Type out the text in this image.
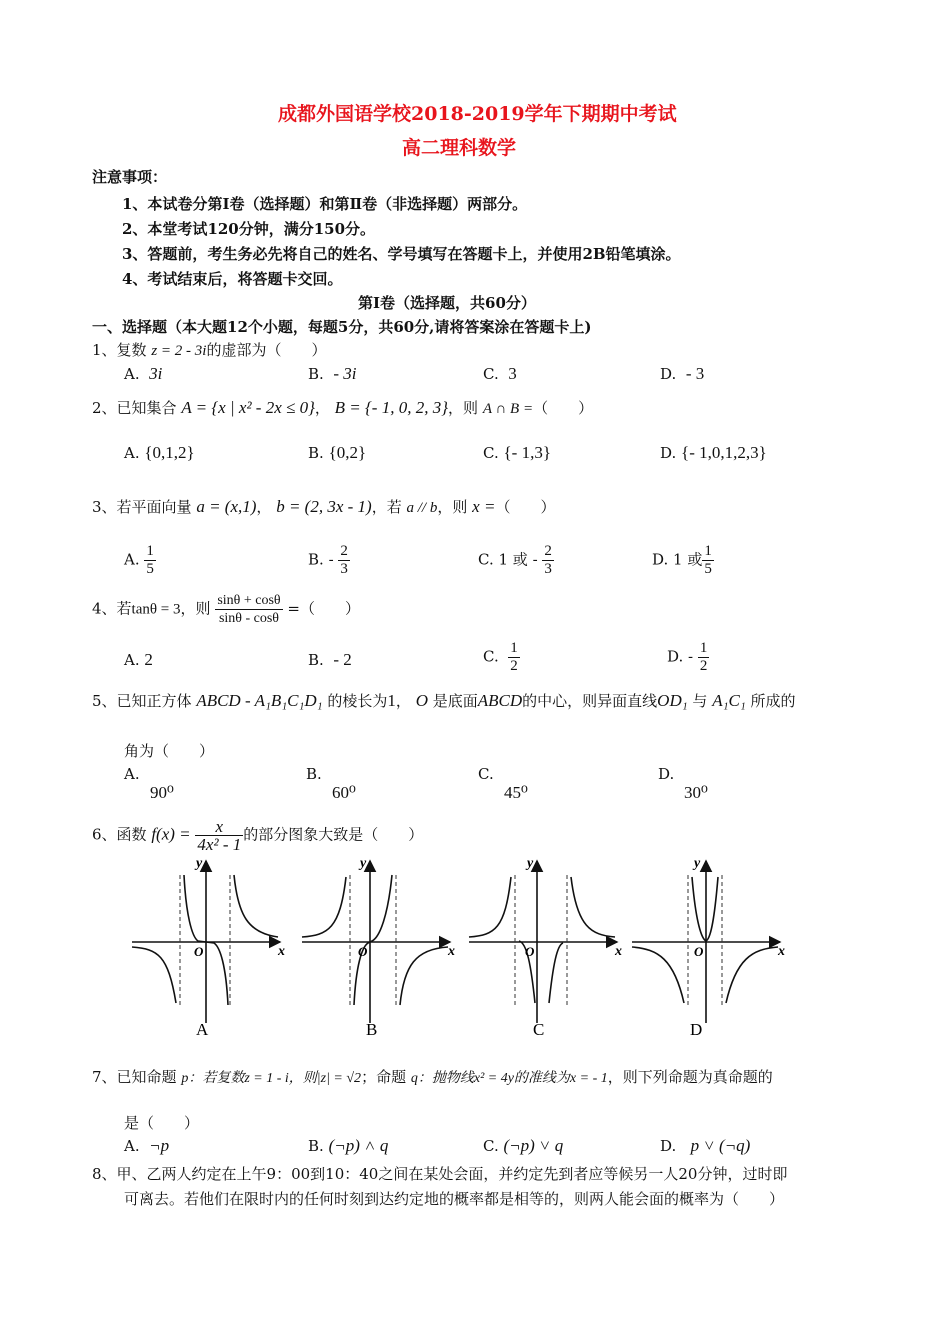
成都外国语学校2018-2019学年下期期中考试
高二理科数学
注意事项：
1、本试卷分第Ⅰ卷（选择题）和第Ⅱ卷（非选择题）两部分。
2、本堂考试120分钟，满分150分。
3、答题前，考生务必先将自己的姓名、学号填写在答题卡上，并使用2B铅笔填涂。
4、考试结束后，将答题卡交回。
第Ⅰ卷（选择题，共60分）
一、选择题（本大题12个小题，每题5分，共60分,请将答案涂在答题卡上)
1、复数 z = 2 - 3i的虚部为（　　）
A. 3i	B. - 3i	C. 3	D. - 3
2、已知集合 A = {x | x² - 2x ≤ 0}， B = {- 1, 0, 2, 3}，则 A ∩ B =（　　）
A. {0,1,2}	B. {0,2}	C. {- 1,3}	D. {- 1,0,1,2,3}
3、若平面向量 a = (x,1)， b = (2, 3x - 1)，若 a // b，则 x =（　　）
A. $\frac{1}{5}$	B. - $\frac{2}{3}$	C. 1 或 - $\frac{2}{3}$	D. 1 或 $\frac{1}{5}$
4、若tanθ = 3，则 $\frac{\sin\theta + \cos\theta}{\sin\theta - \cos\theta}$ =（　　）
A. 2	B. - 2	C. $\frac{1}{2}$	D. - $\frac{1}{2}$
5、已知正方体 ABCD - A₁B₁C₁D₁ 的棱长为1， O 是底面ABCD的中心，则异面直线OD₁ 与 A₁C₁ 所成的
角为（　　）
A.
90⁰
B.
60⁰
C.
45⁰
D.
30⁰
6、函数 $f(x) = \frac{x}{\text{4x² - 1}}$ 的部分图象大致是（　　）
x
y
O
A
x
y
O
B
x
y
O
C
x
y
O
D
7、已知命题 p：若复数z = 1 - i，则|z| = √2；命题 q：抛物线x² = 4y的准线为x = - 1，则下列命题为真命题的
是（　　）
A. ¬p	B. (¬p) ˄ q	C. (¬p) ˅ q	D. p ˅ (¬q)
8、甲、乙两人约定在上午9：00到10：40之间在某处会面，并约定先到者应等候另一人20分钟，过时即
可离去。若他们在限时内的任何时刻到达约定地的概率都是相等的，则两人能会面的概率为（　　）
